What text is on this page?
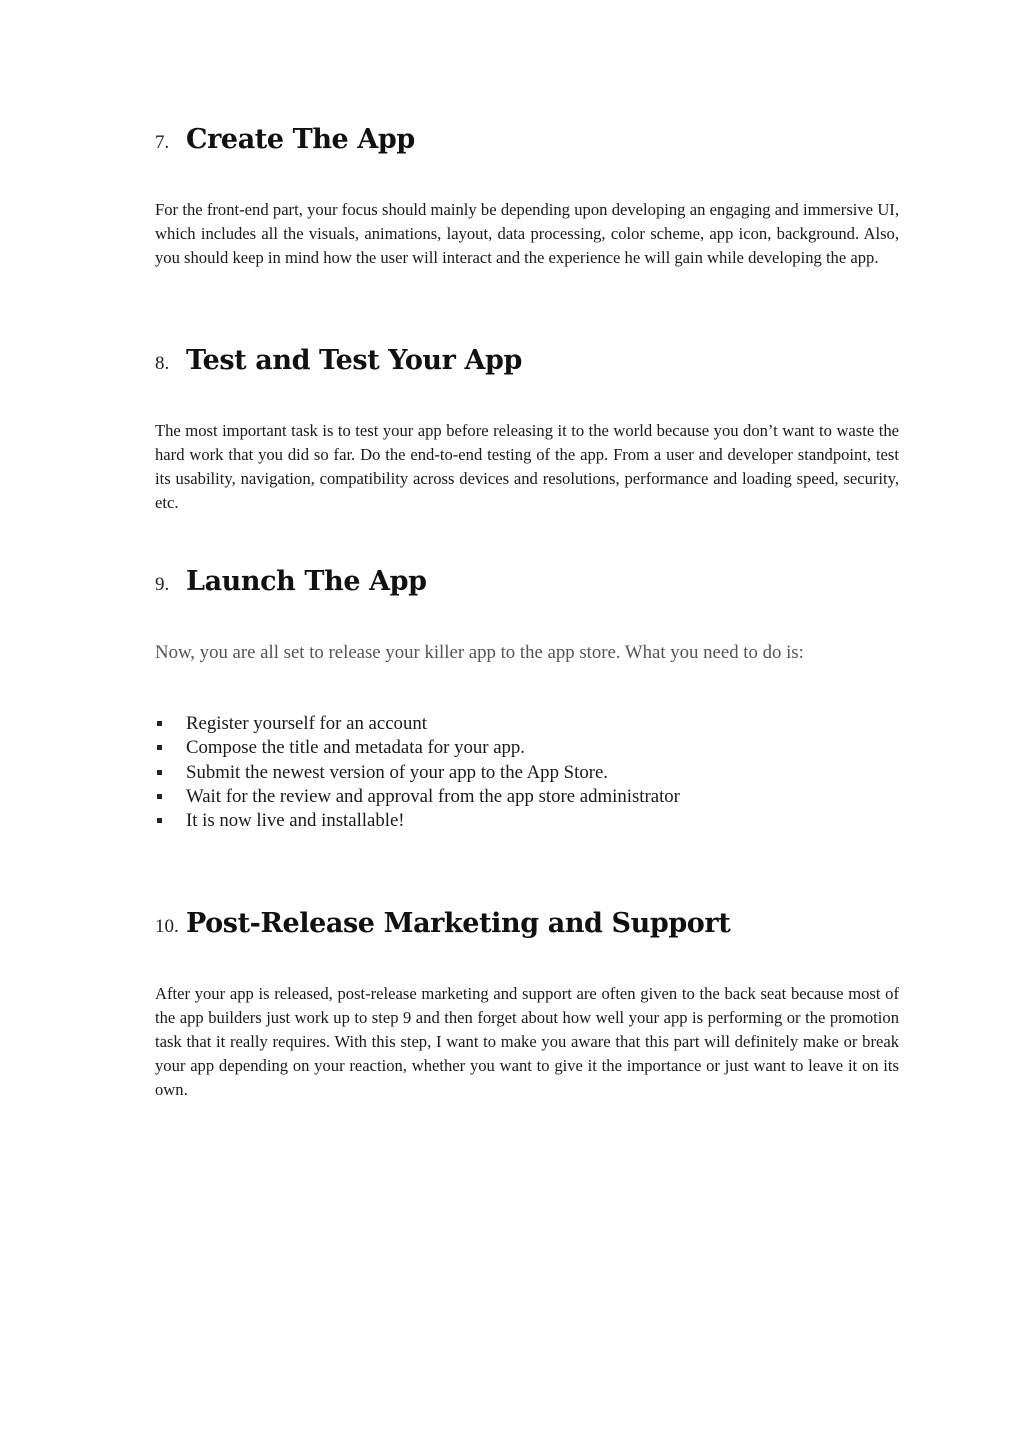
7. Create The App

For the front-end part, your focus should mainly be depending upon developing an engaging and immersive UI, which includes all the visuals, animations, layout, data processing, color scheme, app icon, background. Also, you should keep in mind how the user will interact and the experience he will gain while developing the app.

8. Test and Test Your App

The most important task is to test your app before releasing it to the world because you don’t want to waste the hard work that you did so far. Do the end-to-end testing of the app. From a user and developer standpoint, test its usability, navigation, compatibility across devices and resolutions, performance and loading speed, security, etc.

9. Launch The App

Now, you are all set to release your killer app to the app store. What you need to do is:

Register yourself for an account
Compose the title and metadata for your app.
Submit the newest version of your app to the App Store.
Wait for the review and approval from the app store administrator
It is now live and installable!
10. Post-Release Marketing and Support

After your app is released, post-release marketing and support are often given to the back seat because most of the app builders just work up to step 9 and then forget about how well your app is performing or the promotion task that it really requires. With this step, I want to make you aware that this part will definitely make or break your app depending on your reaction, whether you want to give it the importance or just want to leave it on its own.
